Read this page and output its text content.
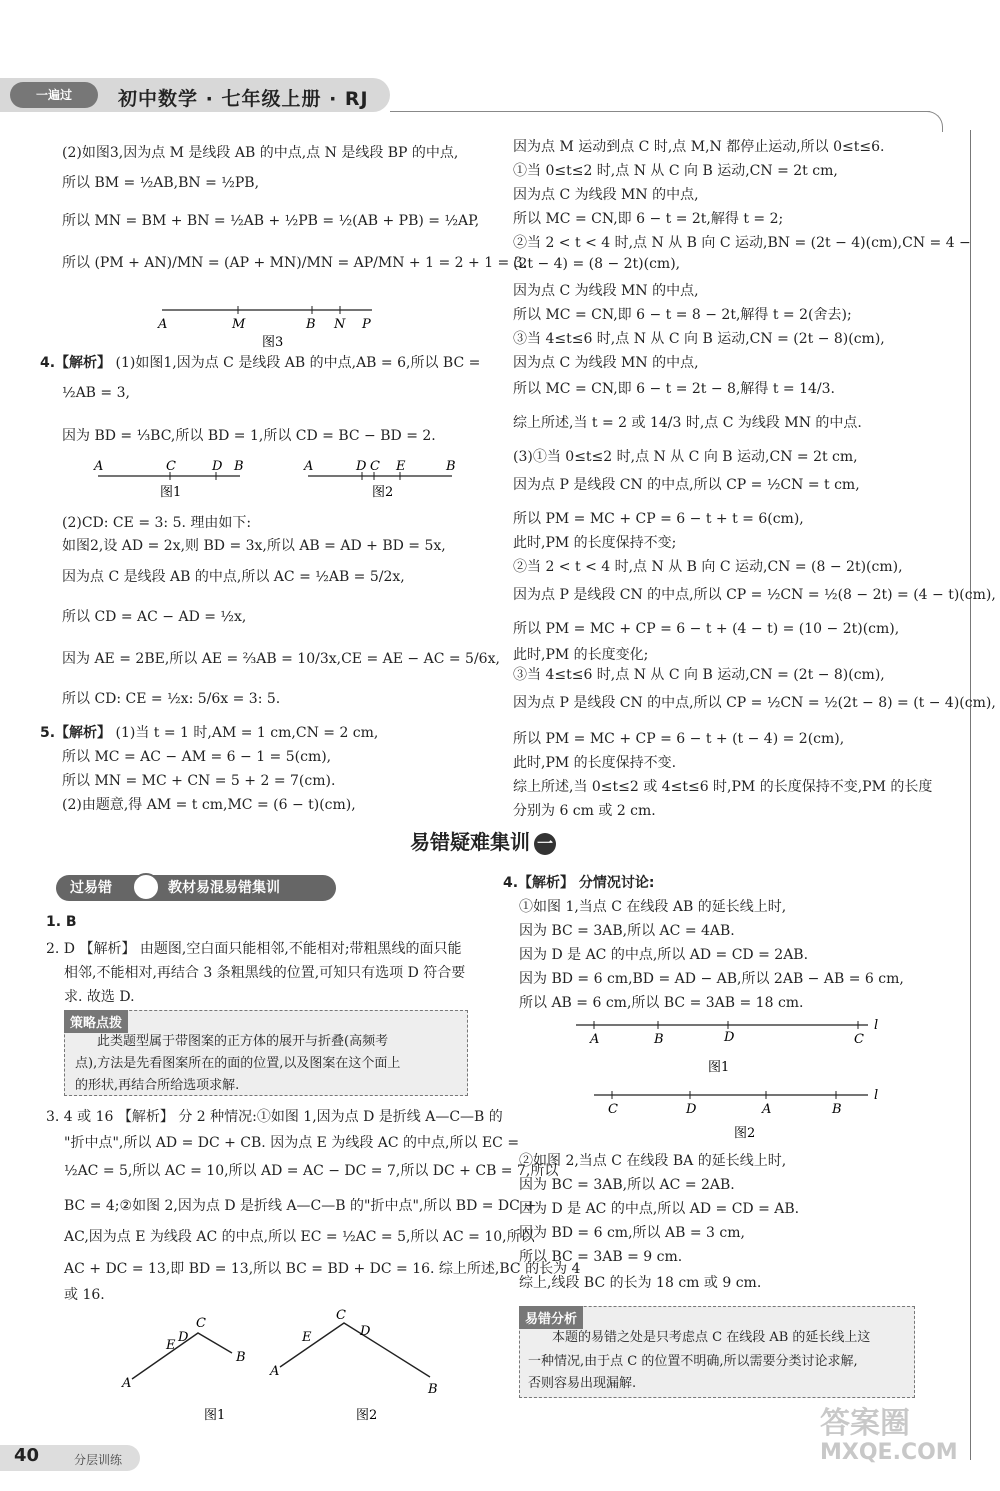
一遍过	初中数学 · 七年级上册 · RJ
(2)如图3,因为点 M 是线段 AB 的中点,点 N 是线段 BP 的中点,
所以 BM = ½AB,BN = ½PB,
所以 MN = BM + BN = ½AB + ½PB = ½(AB + PB) = ½AP,
所以 (PM + AN)/MN = (AP + MN)/MN = AP/MN + 1 = 2 + 1 = 3.
A	M	B N P
图3
4.【解析】 (1)如图1,因为点 C 是线段 AB 的中点,AB = 6,所以 BC =
½AB = 3,
因为 BD = ⅓BC,所以 BD = 1,所以 CD = BC − BD = 2.
A	C	D B
图1
A	D C E	B
图2
(2)CD: CE = 3: 5. 理由如下:
如图2,设 AD = 2x,则 BD = 3x,所以 AB = AD + BD = 5x,
因为点 C 是线段 AB 的中点,所以 AC = ½AB = 5/2x,
所以 CD = AC − AD = ½x,
因为 AE = 2BE,所以 AE = ⅔AB = 10/3x,CE = AE − AC = 5/6x,
所以 CD: CE = ½x: 5/6x = 3: 5.
5.【解析】 (1)当 t = 1 时,AM = 1 cm,CN = 2 cm,
所以 MC = AC − AM = 6 − 1 = 5(cm),
所以 MN = MC + CN = 5 + 2 = 7(cm).
(2)由题意,得 AM = t cm,MC = (6 − t)(cm),
因为点 M 运动到点 C 时,点 M,N 都停止运动,所以 0≤t≤6.
①当 0≤t≤2 时,点 N 从 C 向 B 运动,CN = 2t cm,
因为点 C 为线段 MN 的中点,
所以 MC = CN,即 6 − t = 2t,解得 t = 2;
②当 2 < t < 4 时,点 N 从 B 向 C 运动,BN = (2t − 4)(cm),CN = 4 −
(2t − 4) = (8 − 2t)(cm),
因为点 C 为线段 MN 的中点,
所以 MC = CN,即 6 − t = 8 − 2t,解得 t = 2(舍去);
③当 4≤t≤6 时,点 N 从 C 向 B 运动,CN = (2t − 8)(cm),
因为点 C 为线段 MN 的中点,
所以 MC = CN,即 6 − t = 2t − 8,解得 t = 14/3.
综上所述,当 t = 2 或 14/3 时,点 C 为线段 MN 的中点.
(3)①当 0≤t≤2 时,点 N 从 C 向 B 运动,CN = 2t cm,
因为点 P 是线段 CN 的中点,所以 CP = ½CN = t cm,
所以 PM = MC + CP = 6 − t + t = 6(cm),
此时,PM 的长度保持不变;
②当 2 < t < 4 时,点 N 从 B 向 C 运动,CN = (8 − 2t)(cm),
因为点 P 是线段 CN 的中点,所以 CP = ½CN = ½(8 − 2t) = (4 − t)(cm),
所以 PM = MC + CP = 6 − t + (4 − t) = (10 − 2t)(cm),
此时,PM 的长度变化;
③当 4≤t≤6 时,点 N 从 C 向 B 运动,CN = (2t − 8)(cm),
因为点 P 是线段 CN 的中点,所以 CP = ½CN = ½(2t − 8) = (t − 4)(cm),
所以 PM = MC + CP = 6 − t + (t − 4) = 2(cm),
此时,PM 的长度保持不变.
综上所述,当 0≤t≤2 或 4≤t≤6 时,PM 的长度保持不变,PM 的长度
分别为 6 cm 或 2 cm.
易错疑难集训 一
过易错	教材易混易错集训
1. B
2. D 【解析】 由题图,空白面只能相邻,不能相对;带粗黑线的面只能
相邻,不能相对,再结合 3 条粗黑线的位置,可知只有选项 D 符合要
求. 故选 D.
策略点拨
此类题型属于带图案的正方体的展开与折叠(高频考
点),方法是先看图案所在的面的位置,以及图案在这个面上
的形状,再结合所给选项求解.
3. 4 或 16 【解析】 分 2 种情况:①如图 1,因为点 D 是折线 A—C—B 的
"折中点",所以 AD = DC + CB. 因为点 E 为线段 AC 的中点,所以 EC =
½AC = 5,所以 AC = 10,所以 AD = AC − DC = 7,所以 DC + CB = 7,所以
BC = 4;②如图 2,因为点 D 是折线 A—C—B 的"折中点",所以 BD = DC +
AC,因为点 E 为线段 AC 的中点,所以 EC = ½AC = 5,所以 AC = 10,所以
AC + DC = 13,即 BD = 13,所以 BC = BD + DC = 16. 综上所述,BC 的长为 4
或 16.
A
E
D
C
B
图1
A
E
C
D
B
图2
4.【解析】 分情况讨论:
①如图 1,当点 C 在线段 AB 的延长线上时,
因为 BC = 3AB,所以 AC = 4AB.
因为 D 是 AC 的中点,所以 AD = CD = 2AB.
因为 BD = 6 cm,BD = AD − AB,所以 2AB − AB = 6 cm,
所以 AB = 6 cm,所以 BC = 3AB = 18 cm.
A	B	D	C
l
图1
C	D	A	B
l
图2
②如图 2,当点 C 在线段 BA 的延长线上时,
因为 BC = 3AB,所以 AC = 2AB.
因为 D 是 AC 的中点,所以 AD = CD = AB.
因为 BD = 6 cm,所以 AB = 3 cm,
所以 BC = 3AB = 9 cm.
综上,线段 BC 的长为 18 cm 或 9 cm.
易错分析
本题的易错之处是只考虑点 C 在线段 AB 的延长线上这
一种情况,由于点 C 的位置不明确,所以需要分类讨论求解,
否则容易出现漏解.
40	分层训练
答案圈
MXQE.COM
